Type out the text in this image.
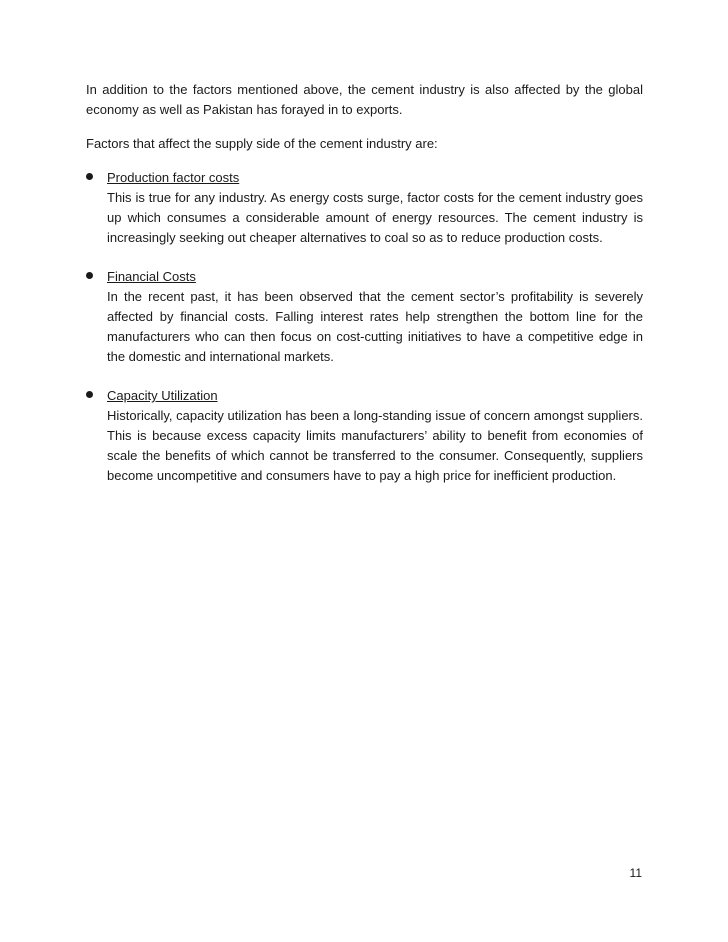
In addition to the factors mentioned above, the cement industry is also affected by the global economy as well as Pakistan has forayed in to exports.

Factors that affect the supply side of the cement industry are:

Production factor costs

This is true for any industry. As energy costs surge, factor costs for the cement industry goes up which consumes a considerable amount of energy resources. The cement industry is increasingly seeking out cheaper alternatives to coal so as to reduce production costs.

Financial Costs

In the recent past, it has been observed that the cement sector’s profitability is severely affected by financial costs. Falling interest rates help strengthen the bottom line for the manufacturers who can then focus on cost-cutting initiatives to have a competitive edge in the domestic and international markets.

Capacity Utilization

Historically, capacity utilization has been a long-standing issue of concern amongst suppliers. This is because excess capacity limits manufacturers’ ability to benefit from economies of scale the benefits of which cannot be transferred to the consumer. Consequently, suppliers become uncompetitive and consumers have to pay a high price for inefficient production.

11
